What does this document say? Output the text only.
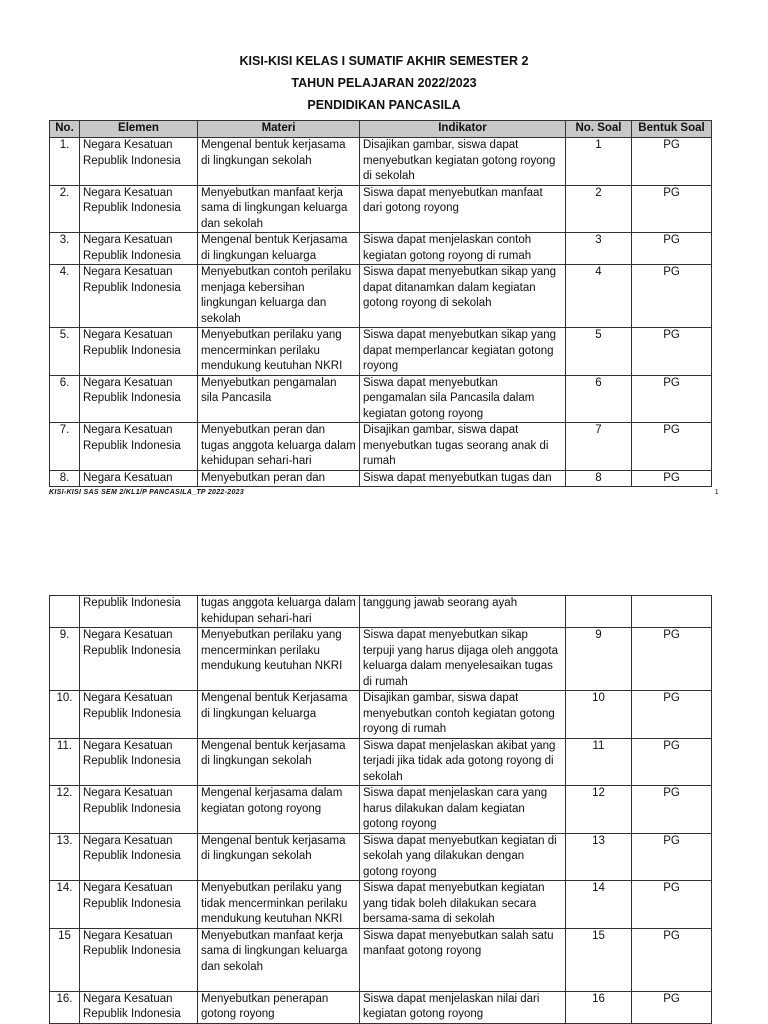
KISI-KISI KELAS I SUMATIF AKHIR SEMESTER 2
TAHUN PELAJARAN 2022/2023
PENDIDIKAN PANCASILA
No.	Elemen	Materi	Indikator	No. Soal	Bentuk Soal
1.	Negara Kesatuan Republik Indonesia	Mengenal bentuk kerjasama di lingkungan sekolah	Disajikan gambar, siswa dapat menyebutkan kegiatan gotong royong di sekolah	1	PG
2.	Negara Kesatuan Republik Indonesia	Menyebutkan manfaat kerja sama di lingkungan keluarga dan sekolah	Siswa dapat menyebutkan manfaat dari gotong royong	2	PG
3.	Negara Kesatuan Republik Indonesia	Mengenal bentuk Kerjasama di lingkungan keluarga	Siswa dapat menjelaskan contoh kegiatan gotong royong di rumah	3	PG
4.	Negara Kesatuan Republik Indonesia	Menyebutkan contoh perilaku menjaga kebersihan lingkungan keluarga dan sekolah	Siswa dapat menyebutkan sikap yang dapat ditanamkan dalam kegiatan gotong royong di sekolah	4	PG
5.	Negara Kesatuan Republik Indonesia	Menyebutkan perilaku yang mencerminkan perilaku mendukung keutuhan NKRI	Siswa dapat menyebutkan sikap yang dapat memperlancar kegiatan gotong royong	5	PG
6.	Negara Kesatuan Republik Indonesia	Menyebutkan pengamalan sila Pancasila	Siswa dapat menyebutkan pengamalan sila Pancasila dalam kegiatan gotong royong	6	PG
7.	Negara Kesatuan Republik Indonesia	Menyebutkan peran dan tugas anggota keluarga dalam kehidupan sehari-hari	Disajikan gambar, siswa dapat menyebutkan tugas seorang anak di rumah	7	PG
8.	Negara Kesatuan	Menyebutkan peran dan	Siswa dapat menyebutkan tugas dan	8	PG
KISI-KISI SAS SEM 2/KL1/P PANCASILA_TP 2022-2023	1
	Republik Indonesia	tugas anggota keluarga dalam kehidupan sehari-hari	tanggung jawab seorang ayah		
9.	Negara Kesatuan Republik Indonesia	Menyebutkan perilaku yang mencerminkan perilaku mendukung keutuhan NKRI	Siswa dapat menyebutkan sikap terpuji yang harus dijaga oleh anggota keluarga dalam menyelesaikan tugas di rumah	9	PG
10.	Negara Kesatuan Republik Indonesia	Mengenal bentuk Kerjasama di lingkungan keluarga	Disajikan gambar, siswa dapat menyebutkan contoh kegiatan gotong royong di rumah	10	PG
11.	Negara Kesatuan Republik Indonesia	Mengenal bentuk kerjasama di lingkungan sekolah	Siswa dapat menjelaskan akibat yang terjadi jika tidak ada gotong royong di sekolah	11	PG
12.	Negara Kesatuan Republik Indonesia	Mengenal kerjasama dalam kegiatan gotong royong	Siswa dapat menjelaskan cara yang harus dilakukan dalam kegiatan gotong royong	12	PG
13.	Negara Kesatuan Republik Indonesia	Mengenal bentuk kerjasama di lingkungan sekolah	Siswa dapat menyebutkan kegiatan di sekolah yang dilakukan dengan gotong royong	13	PG
14.	Negara Kesatuan Republik Indonesia	Menyebutkan perilaku yang tidak mencerminkan perilaku mendukung keutuhan NKRI	Siswa dapat menyebutkan kegiatan yang tidak boleh dilakukan secara bersama-sama di sekolah	14	PG
15	Negara Kesatuan Republik Indonesia	Menyebutkan manfaat kerja sama di lingkungan keluarga dan sekolah	Siswa dapat menyebutkan salah satu manfaat gotong royong	15	PG
16.	Negara Kesatuan Republik Indonesia	Menyebutkan penerapan gotong royong	Siswa dapat menjelaskan nilai dari kegiatan gotong royong	16	PG
